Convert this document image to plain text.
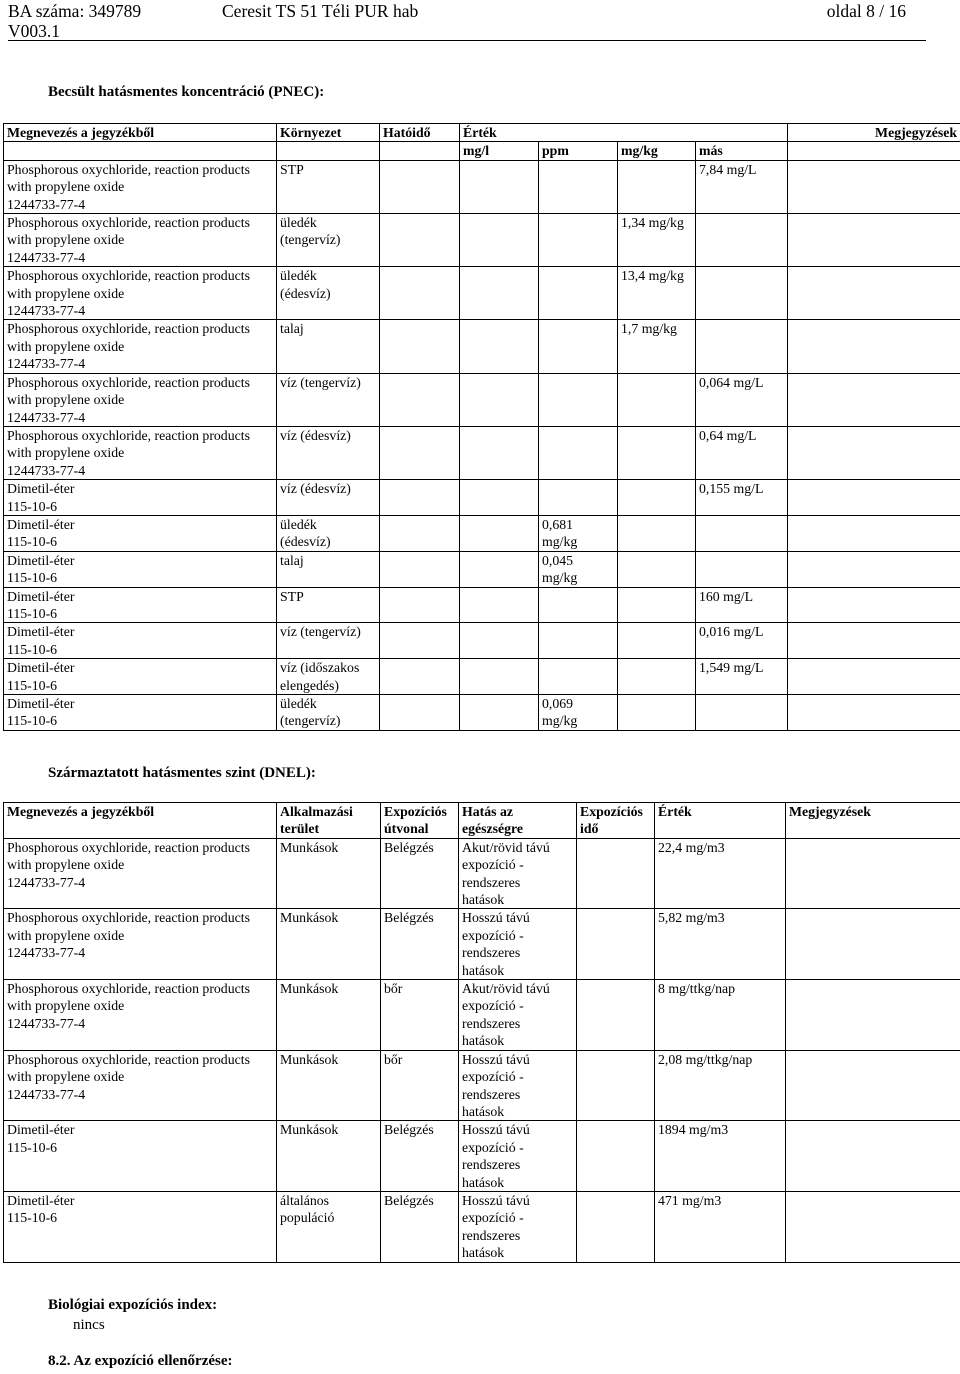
BA száma: 349789	Ceresit TS 51 Téli PUR hab	oldal 8 / 16
V003.1
Becsült hatásmentes koncentráció (PNEC):
Megnevezés a jegyzékből	Környezet	Hatóidő	Érték				Megjegyzések
			mg/l	ppm	mg/kg	más	
Phosphorous oxychloride, reaction products
with propylene oxide
1244733-77-4	STP					7,84 mg/L	
Phosphorous oxychloride, reaction products
with propylene oxide
1244733-77-4	üledék
(tengervíz)				1,34 mg/kg		
Phosphorous oxychloride, reaction products
with propylene oxide
1244733-77-4	üledék
(édesvíz)				13,4 mg/kg		
Phosphorous oxychloride, reaction products
with propylene oxide
1244733-77-4	talaj				1,7 mg/kg		
Phosphorous oxychloride, reaction products
with propylene oxide
1244733-77-4	víz (tengervíz)					0,064 mg/L	
Phosphorous oxychloride, reaction products
with propylene oxide
1244733-77-4	víz (édesvíz)					0,64 mg/L	
Dimetil-éter
115-10-6	víz (édesvíz)					0,155 mg/L	
Dimetil-éter
115-10-6	üledék
(édesvíz)			0,681
mg/kg			
Dimetil-éter
115-10-6	talaj			0,045
mg/kg			
Dimetil-éter
115-10-6	STP					160 mg/L	
Dimetil-éter
115-10-6	víz (tengervíz)					0,016 mg/L	
Dimetil-éter
115-10-6	víz (időszakos
elengedés)					1,549 mg/L	
Dimetil-éter
115-10-6	üledék
(tengervíz)			0,069
mg/kg			
Származtatott hatásmentes szint (DNEL):
Megnevezés a jegyzékből	Alkalmazási
terület	Expozíciós
útvonal	Hatás az
egészségre	Expozíciós
idő	Érték	Megjegyzések
Phosphorous oxychloride, reaction products
with propylene oxide
1244733-77-4	Munkások	Belégzés	Akut/rövid távú
expozíció -
rendszeres
hatások		22,4 mg/m3	
Phosphorous oxychloride, reaction products
with propylene oxide
1244733-77-4	Munkások	Belégzés	Hosszú távú
expozíció -
rendszeres
hatások		5,82 mg/m3	
Phosphorous oxychloride, reaction products
with propylene oxide
1244733-77-4	Munkások	bőr	Akut/rövid távú
expozíció -
rendszeres
hatások		8 mg/ttkg/nap	
Phosphorous oxychloride, reaction products
with propylene oxide
1244733-77-4	Munkások	bőr	Hosszú távú
expozíció -
rendszeres
hatások		2,08 mg/ttkg/nap	
Dimetil-éter
115-10-6	Munkások	Belégzés	Hosszú távú
expozíció -
rendszeres
hatások		1894 mg/m3	
Dimetil-éter
115-10-6	általános
populáció	Belégzés	Hosszú távú
expozíció -
rendszeres
hatások		471 mg/m3	
Biológiai expozíciós index:
nincs
8.2. Az expozíció ellenőrzése:
